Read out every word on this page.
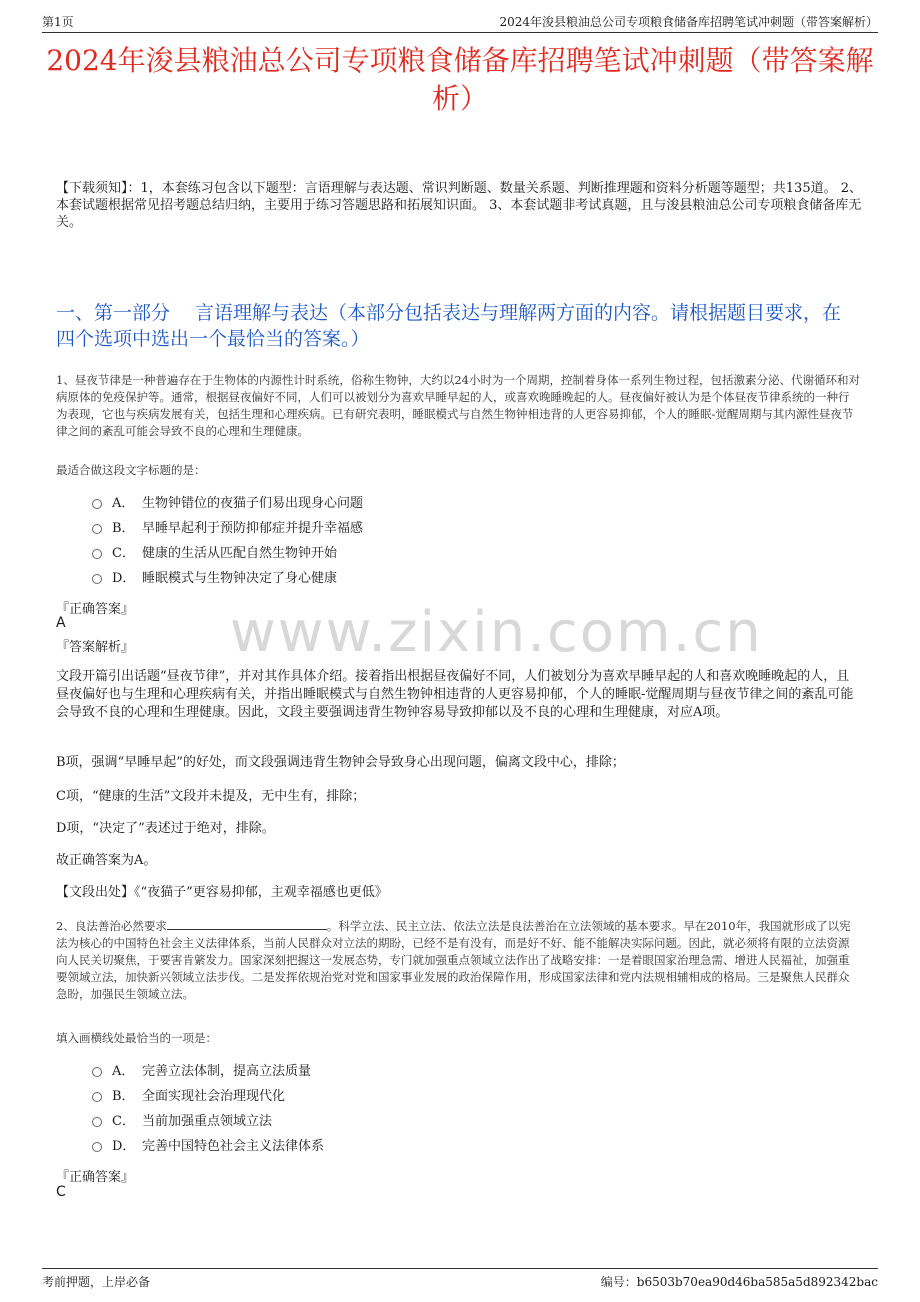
第1页	2024年浚县粮油总公司专项粮食储备库招聘笔试冲刺题（带答案解析）
2024年浚县粮油总公司专项粮食储备库招聘笔试冲刺题（带答案解析）
【下载须知】：1，本套练习包含以下题型：言语理解与表达题、常识判断题、数量关系题、判断推理题和资料分析题等题型；共135道。 2、本套试题根据常见招考题总结归纳，主要用于练习答题思路和拓展知识面。 3、本套试题非考试真题，且与浚县粮油总公司专项粮食储备库无关。
一、第一部分　 言语理解与表达（本部分包括表达与理解两方面的内容。请根据题目要求，在四个选项中选出一个最恰当的答案。）
1、昼夜节律是一种普遍存在于生物体的内源性计时系统，俗称生物钟，大约以24小时为一个周期，控制着身体一系列生物过程，包括激素分泌、代谢循环和对病原体的免疫保护等。通常，根据昼夜偏好不同，人们可以被划分为喜欢早睡早起的人，或喜欢晚睡晚起的人。昼夜偏好被认为是个体昼夜节律系统的一种行为表现，它也与疾病发展有关，包括生理和心理疾病。已有研究表明，睡眠模式与自然生物钟相违背的人更容易抑郁，个人的睡眠-觉醒周期与其内源性昼夜节律之间的紊乱可能会导致不良的心理和生理健康。
最适合做这段文字标题的是：
A． 生物钟错位的夜猫子们易出现身心问题
B． 早睡早起利于预防抑郁症并提升幸福感
C． 健康的生活从匹配自然生物钟开始
D． 睡眠模式与生物钟决定了身心健康
『正确答案』
A
『答案解析』 www.zixin.com.cn
文段开篇引出话题“昼夜节律”，并对其作具体介绍。接着指出根据昼夜偏好不同，人们被划分为喜欢早睡早起的人和喜欢晚睡晚起的人，且昼夜偏好也与生理和心理疾病有关，并指出睡眠模式与自然生物钟相违背的人更容易抑郁，个人的睡眠-觉醒周期与昼夜节律之间的紊乱可能会导致不良的心理和生理健康。因此，文段主要强调违背生物钟容易导致抑郁以及不良的心理和生理健康，对应A项。
B项，强调“早睡早起”的好处，而文段强调违背生物钟会导致身心出现问题，偏离文段中心，排除；
C项，“健康的生活”文段并未提及，无中生有，排除；
D项，“决定了”表述过于绝对，排除。
故正确答案为A。
【文段出处】《“夜猫子”更容易抑郁，主观幸福感也更低》
2、良法善治必然要求	。科学立法、民主立法、依法立法是良法善治在立法领域的基本要求。早在2010年，我国就形成了以宪法为核心的中国特色社会主义法律体系，当前人民群众对立法的期盼，已经不是有没有，而是好不好、能不能解决实际问题。因此，就必须将有限的立法资源向人民关切聚焦，于要害肯綮发力。国家深刻把握这一发展态势，专门就加强重点领域立法作出了战略安排：一是着眼国家治理急需、增进人民福祉，加强重要领域立法，加快新兴领域立法步伐。二是发挥依规治党对党和国家事业发展的政治保障作用，形成国家法律和党内法规相辅相成的格局。三是聚焦人民群众急盼，加强民生领域立法。
填入画横线处最恰当的一项是：
A． 完善立法体制，提高立法质量
B． 全面实现社会治理现代化
C． 当前加强重点领域立法
D． 完善中国特色社会主义法律体系
『正确答案』
C
考前押题，上岸必备	编号：b6503b70ea90d46ba585a5d892342bac
